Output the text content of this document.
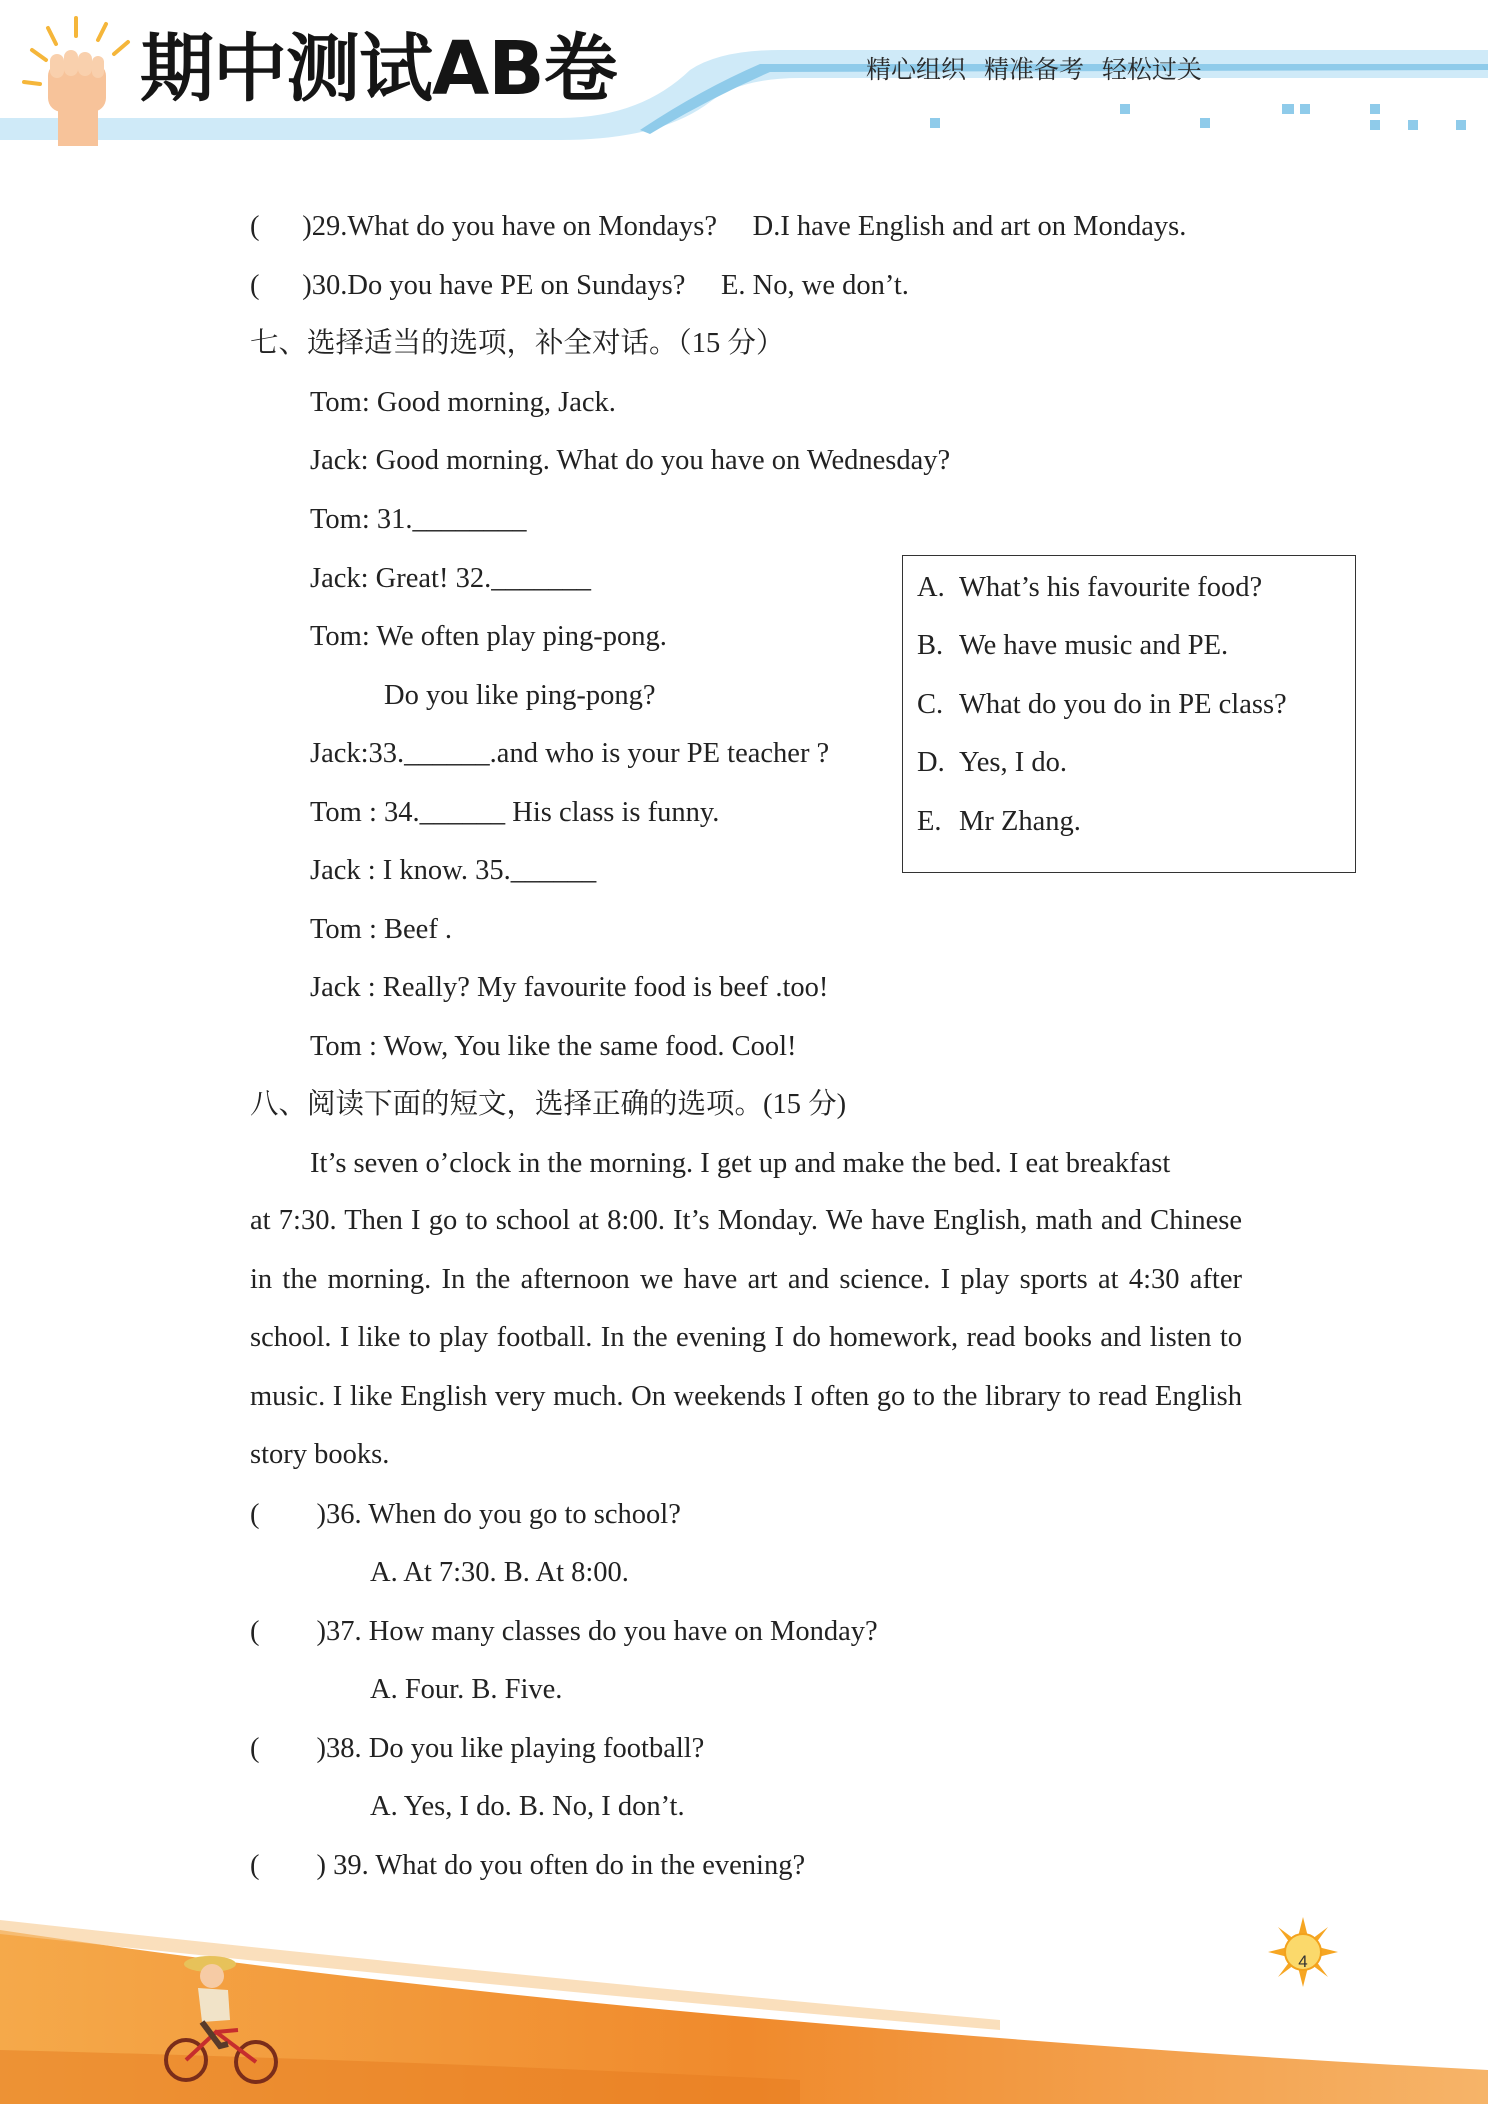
期中测试AB卷	精心组织 精准备考 轻松过关
(      )29.What do you have on Mondays?     D.I have English and art on Mondays.
(      )30.Do you have PE on Sundays?     E. No, we don’t.
七、选择适当的选项，补全对话。（15 分）
Tom: Good morning, Jack.
Jack: Good morning. What do you have on Wednesday?
Tom: 31.________
Jack: Great! 32._______
Tom: We often play ping-pong.
Do you like ping-pong?
Jack:33.______.and who is your PE teacher ?
Tom : 34.______ His class is funny.
Jack : I know. 35.______
Tom : Beef .
Jack : Really? My favourite food is beef .too!
Tom : Wow, You like the same food. Cool!
A. What’s his favourite food?
B. We have music and PE.
C. What do you do in PE class?
D. Yes, I do.
E. Mr Zhang.
八、阅读下面的短文，选择正确的选项。(15 分)
It’s seven o’clock in the morning. I get up and make the bed. I eat breakfast
at 7:30. Then I go to school at 8:00. It’s Monday. We have English, math and Chinese in the morning. In the afternoon we have art and science. I play sports at 4:30 after school. I like to play football. In the evening I do homework, read books and listen to music. I like English very much. On weekends I often go to the library to read English story books.
(        )36. When do you go to school?
A. At 7:30. B. At 8:00.
(        )37. How many classes do you have on Monday?
A. Four. B. Five.
(        )38. Do you like playing football?
A. Yes, I do. B. No, I don’t.
(        ) 39. What do you often do in the evening?
4
